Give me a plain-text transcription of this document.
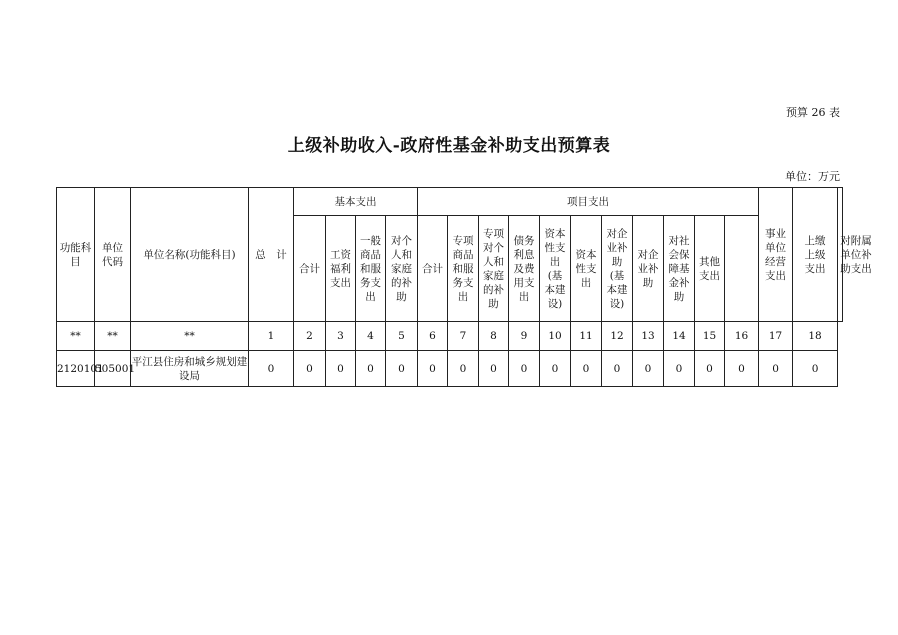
预算 26 表
上级补助收入-政府性基金补助支出预算表
单位：万元
功能科目	单位代码	单位名称(功能科目)	总　计	基本支出				项目支出											事业单位经营支出	上缴上级支出	对附属单位补助支出

				合计	工资福利支出	一般商品和服务支出	对个人和家庭的补助	合计	专项商品和服务支出	专项对个人和家庭的补助	债务利息及费用支出	资本性支出(基本建设)	资本性支出	对企业补助(基本建设)	对企业补助	对社会保障基金补助	其他支出				

**	**	**	1	2	3	4	5	6	7	8	9	10	11	12	13	14	15	16	17	18	
2120101	505001	平江县住房和城乡规划建设局	0	0	0	0	0	0	0	0	0	0	0	0	0	0	0	0	0	0	
